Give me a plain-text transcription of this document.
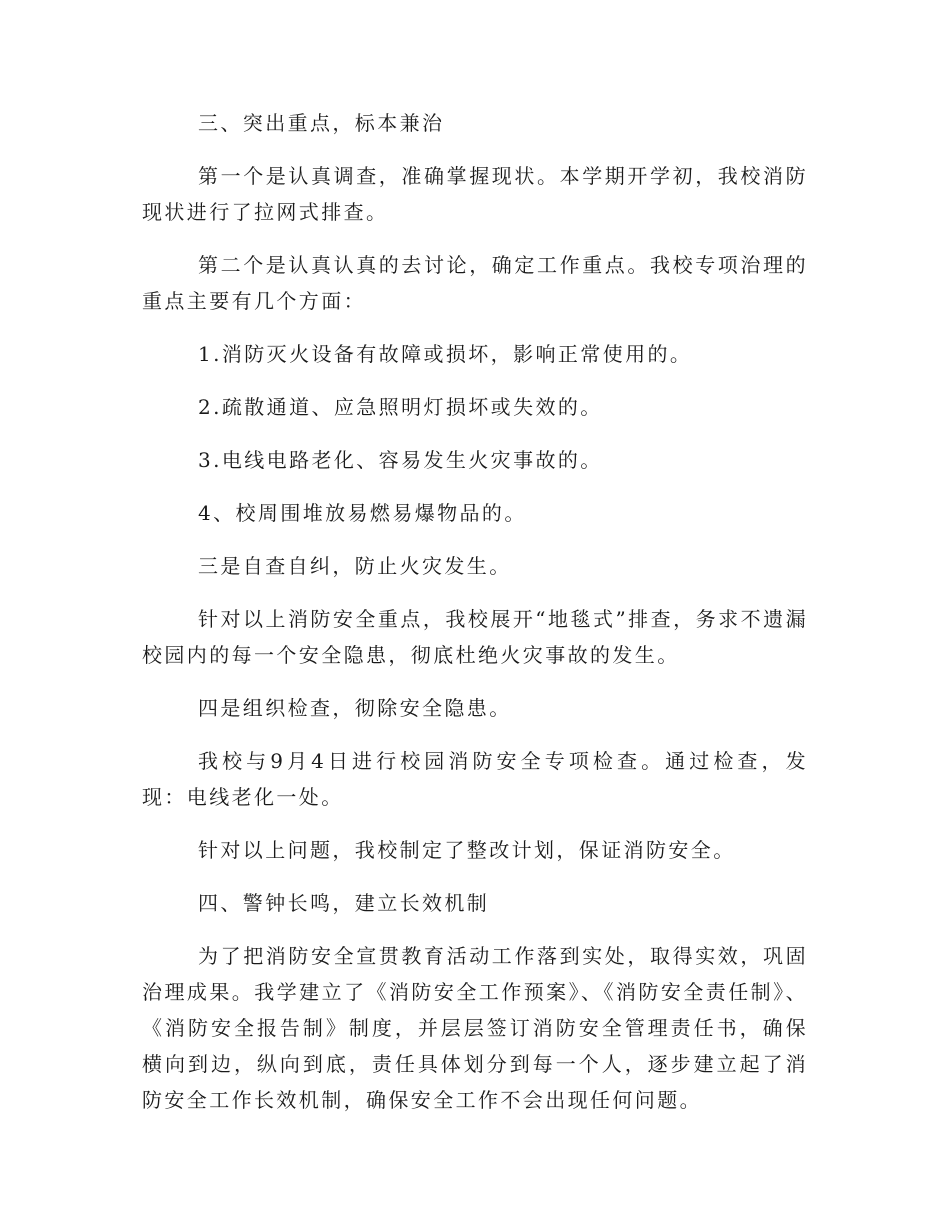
三、突出重点，标本兼治

第一个是认真调查，准确掌握现状。本学期开学初，我校消防现状进行了拉网式排查。

第二个是认真认真的去讨论，确定工作重点。我校专项治理的重点主要有几个方面：

1.消防灭火设备有故障或损坏，影响正常使用的。

2.疏散通道、应急照明灯损坏或失效的。

3.电线电路老化、容易发生火灾事故的。

4、校周围堆放易燃易爆物品的。

三是自查自纠，防止火灾发生。

针对以上消防安全重点，我校展开“地毯式”排查，务求不遗漏校园内的每一个安全隐患，彻底杜绝火灾事故的发生。

四是组织检查，彻除安全隐患。

我校与9月4日进行校园消防安全专项检查。通过检查，发现：电线老化一处。

针对以上问题，我校制定了整改计划，保证消防安全。

四、警钟长鸣，建立长效机制

为了把消防安全宣贯教育活动工作落到实处，取得实效，巩固治理成果。我学建立了《消防安全工作预案》、《消防安全责任制》、《消防安全报告制》制度，并层层签订消防安全管理责任书，确保横向到边，纵向到底，责任具体划分到每一个人，逐步建立起了消防安全工作长效机制，确保安全工作不会出现任何问题。
